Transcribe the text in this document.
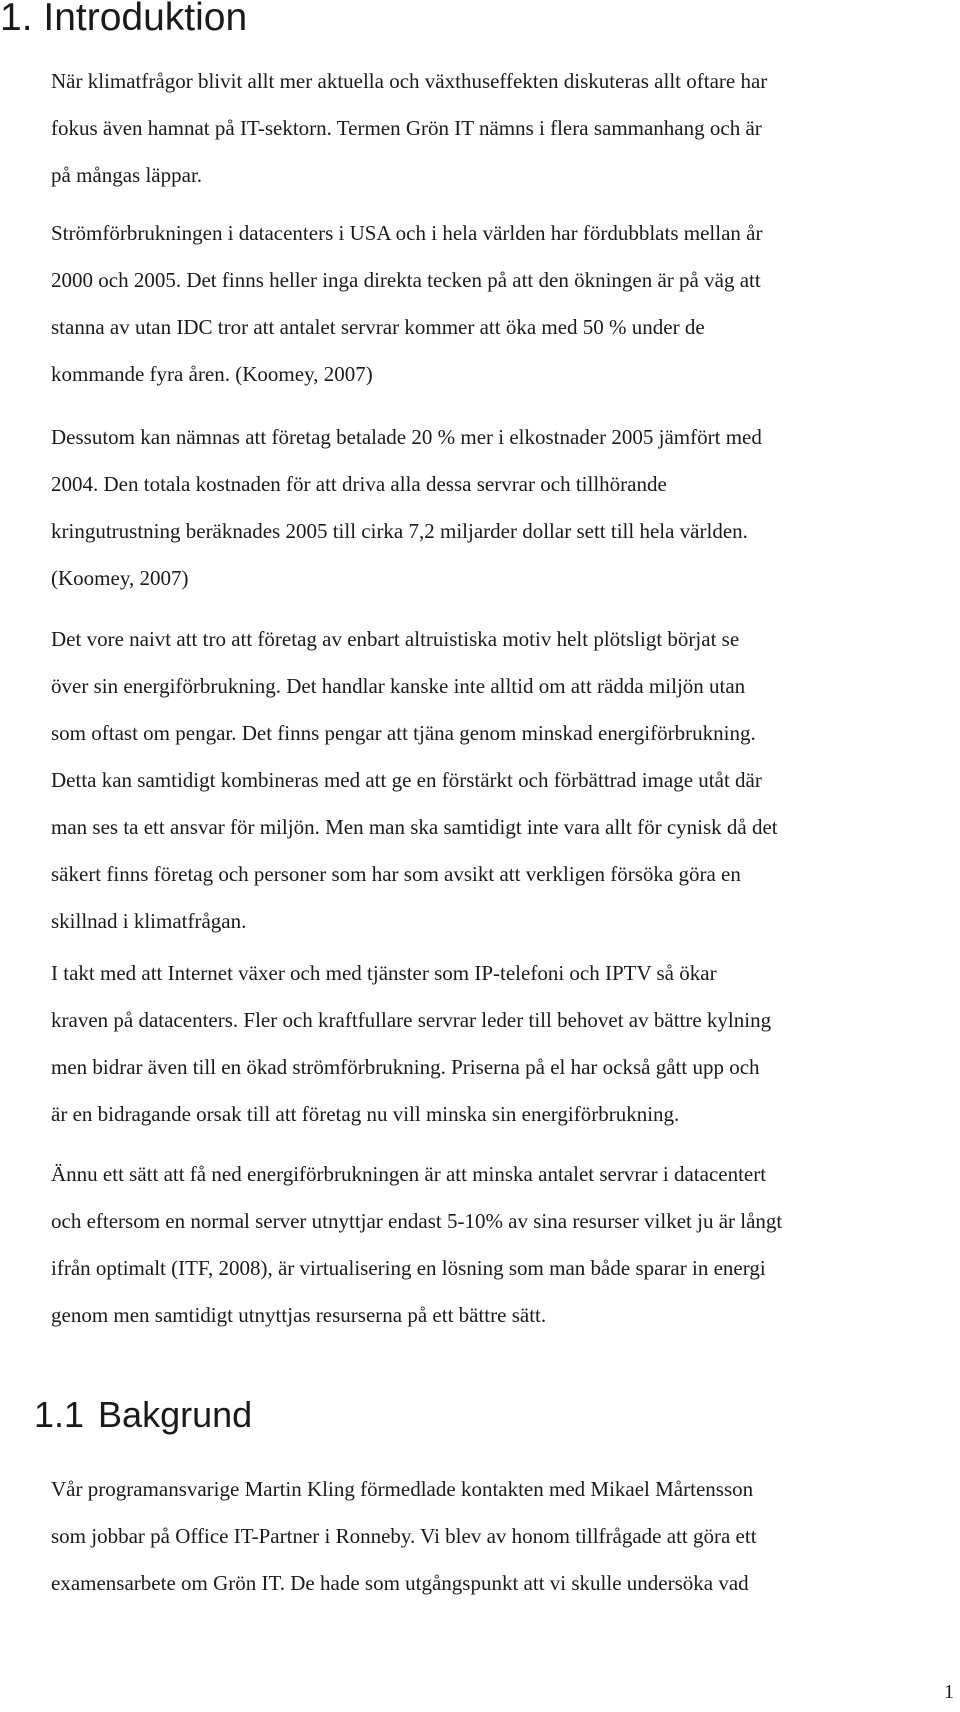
1. Introduktion

När klimatfrågor blivit allt mer aktuella och växthuseffekten diskuteras allt oftare har
fokus även hamnat på IT-sektorn. Termen Grön IT nämns i flera sammanhang och är
på mångas läppar.

Strömförbrukningen i datacenters i USA och i hela världen har fördubblats mellan år
2000 och 2005. Det finns heller inga direkta tecken på att den ökningen är på väg att
stanna av utan IDC tror att antalet servrar kommer att öka med 50 % under de
kommande fyra åren. (Koomey, 2007)

Dessutom kan nämnas att företag betalade 20 % mer i elkostnader 2005 jämfört med
2004. Den totala kostnaden för att driva alla dessa servrar och tillhörande
kringutrustning beräknades 2005 till cirka 7,2 miljarder dollar sett till hela världen.
(Koomey, 2007)

Det vore naivt att tro att företag av enbart altruistiska motiv helt plötsligt börjat se
över sin energiförbrukning. Det handlar kanske inte alltid om att rädda miljön utan
som oftast om pengar. Det finns pengar att tjäna genom minskad energiförbrukning.
Detta kan samtidigt kombineras med att ge en förstärkt och förbättrad image utåt där
man ses ta ett ansvar för miljön. Men man ska samtidigt inte vara allt för cynisk då det
säkert finns företag och personer som har som avsikt att verkligen försöka göra en
skillnad i klimatfrågan.

I takt med att Internet växer och med tjänster som IP-telefoni och IPTV så ökar
kraven på datacenters. Fler och kraftfullare servrar leder till behovet av bättre kylning
men bidrar även till en ökad strömförbrukning. Priserna på el har också gått upp och
är en bidragande orsak till att företag nu vill minska sin energiförbrukning.

Ännu ett sätt att få ned energiförbrukningen är att minska antalet servrar i datacentert
och eftersom en normal server utnyttjar endast 5-10% av sina resurser vilket ju är långt
ifrån optimalt (ITF, 2008), är virtualisering en lösning som man både sparar in energi
genom men samtidigt utnyttjas resurserna på ett bättre sätt.

1.1 Bakgrund

Vår programansvarige Martin Kling förmedlade kontakten med Mikael Mårtensson
som jobbar på Office IT-Partner i Ronneby. Vi blev av honom tillfrågade att göra ett
examensarbete om Grön IT. De hade som utgångspunkt att vi skulle undersöka vad

1
